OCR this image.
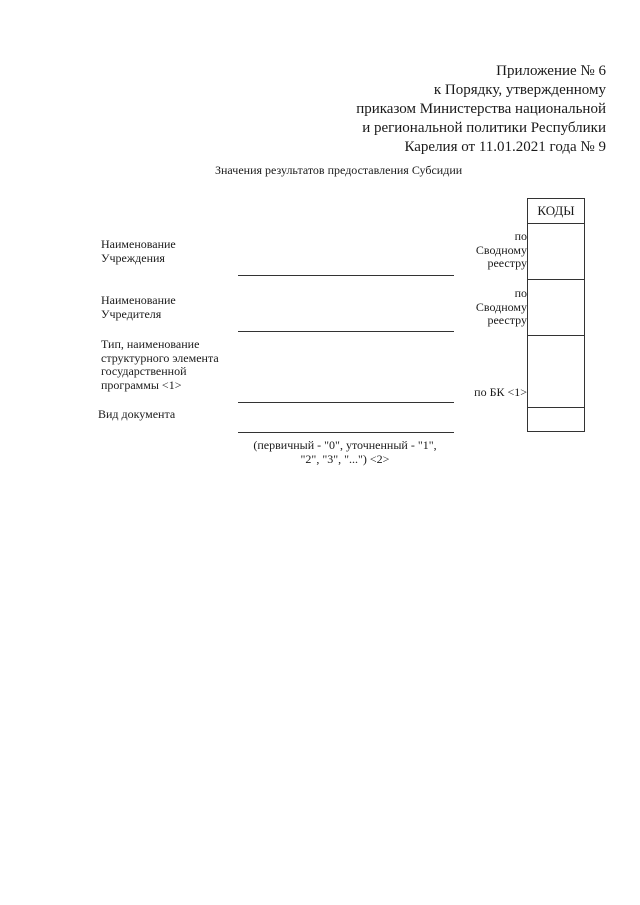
Приложение № 6
к Порядку, утвержденному
приказом Министерства национальной
и региональной политики Республики
Карелия от 11.01.2021 года № 9
Значения результатов предоставления Субсидии
КОДЫ
Наименование
Учреждения
по
Сводному
реестру
Наименование
Учредителя
по
Сводному
реестру
Тип, наименование
структурного элемента
государственной
программы <1>
по БК <1>
Вид документа
(первичный - "0", уточненный - "1",
"2", "3", "...") <2>
